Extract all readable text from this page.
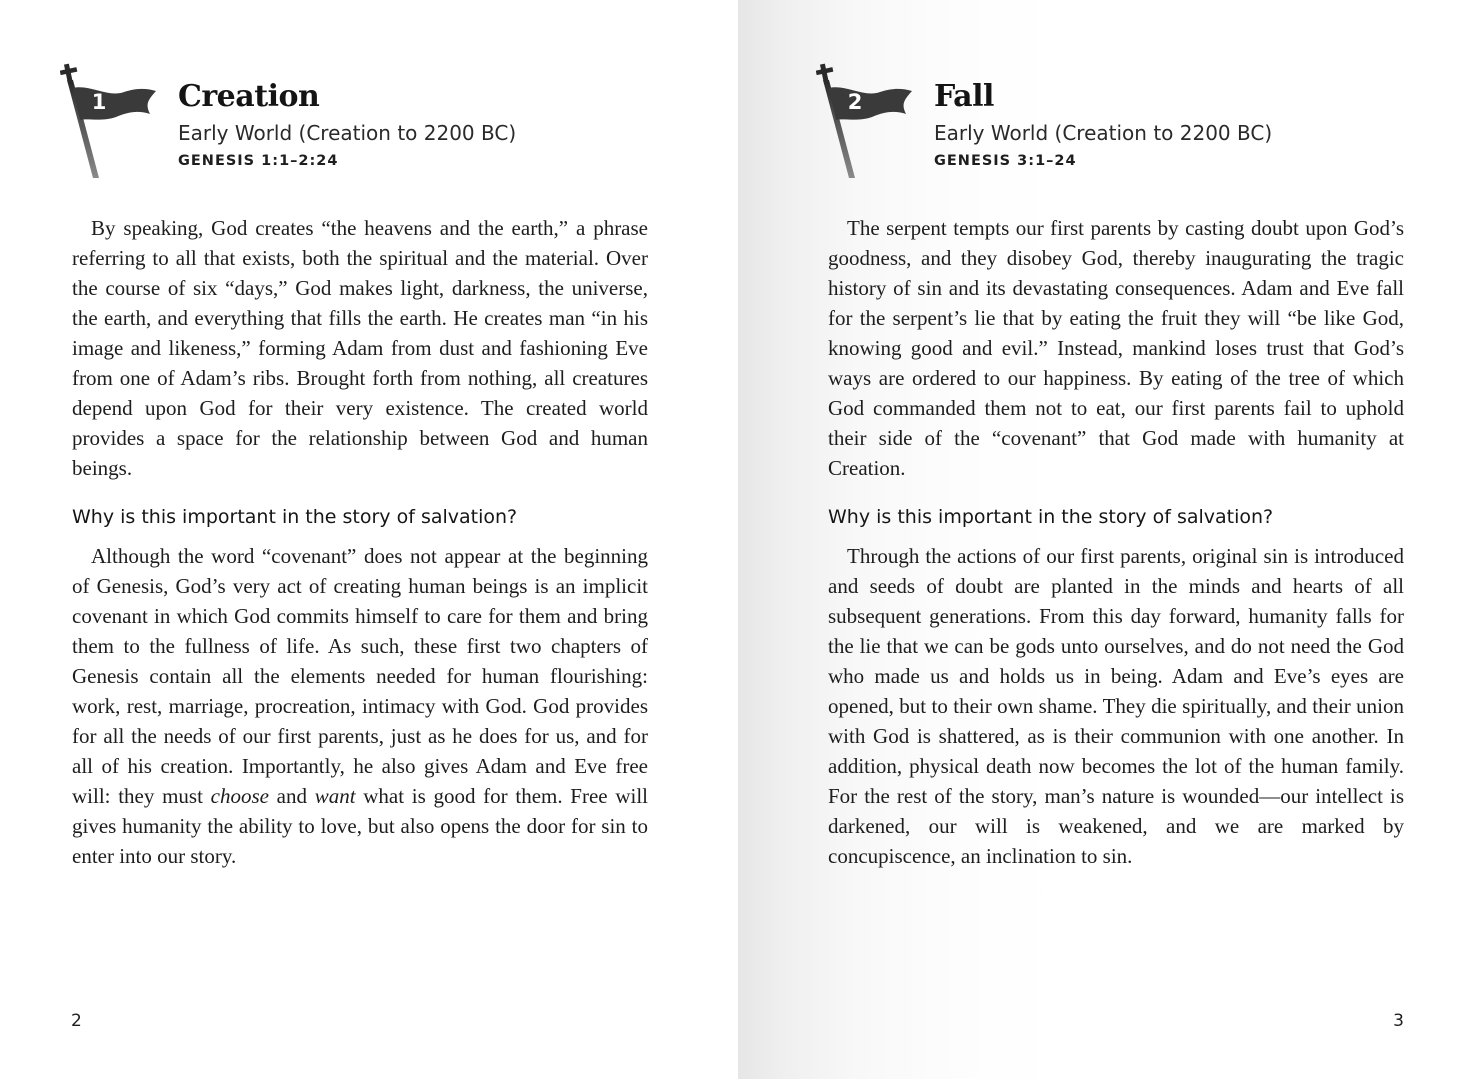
1 Creation
Early World (Creation to 2200 BC)
GENESIS 1:1–2:24

By speaking, God creates “the heavens and the earth,” a phrase referring to all that exists, both the spiritual and the material. Over the course of six “days,” God makes light, darkness, the universe, the earth, and everything that fills the earth. He creates man “in his image and likeness,” forming Adam from dust and fashioning Eve from one of Adam’s ribs. Brought forth from nothing, all creatures depend upon God for their very existence. The created world provides a space for the relationship between God and human beings.

Why is this important in the story of salvation?

Although the word “covenant” does not appear at the beginning of Genesis, God’s very act of creating human beings is an implicit covenant in which God commits himself to care for them and bring them to the fullness of life. As such, these first two chapters of Genesis contain all the elements needed for human flourishing: work, rest, marriage, procreation, intimacy with God. God provides for all the needs of our first parents, just as he does for us, and for all of his creation. Importantly, he also gives Adam and Eve free will: they must choose and want what is good for them. Free will gives humanity the ability to love, but also opens the door for sin to enter into our story.

2
2 Fall
Early World (Creation to 2200 BC)
GENESIS 3:1–24

The serpent tempts our first parents by casting doubt upon God’s goodness, and they disobey God, thereby inaugurating the tragic history of sin and its devastating consequences. Adam and Eve fall for the serpent’s lie that by eating the fruit they will “be like God, knowing good and evil.” Instead, mankind loses trust that God’s ways are ordered to our happiness. By eating of the tree of which God commanded them not to eat, our first parents fail to uphold their side of the “covenant” that God made with humanity at Creation.

Why is this important in the story of salvation?

Through the actions of our first parents, original sin is introduced and seeds of doubt are planted in the minds and hearts of all subsequent generations. From this day forward, humanity falls for the lie that we can be gods unto ourselves, and do not need the God who made us and holds us in being. Adam and Eve’s eyes are opened, but to their own shame. They die spiritually, and their union with God is shattered, as is their communion with one another. In addition, physical death now becomes the lot of the human family. For the rest of the story, man’s nature is wounded—our intellect is darkened, our will is weakened, and we are marked by concupiscence, an inclination to sin.

3
